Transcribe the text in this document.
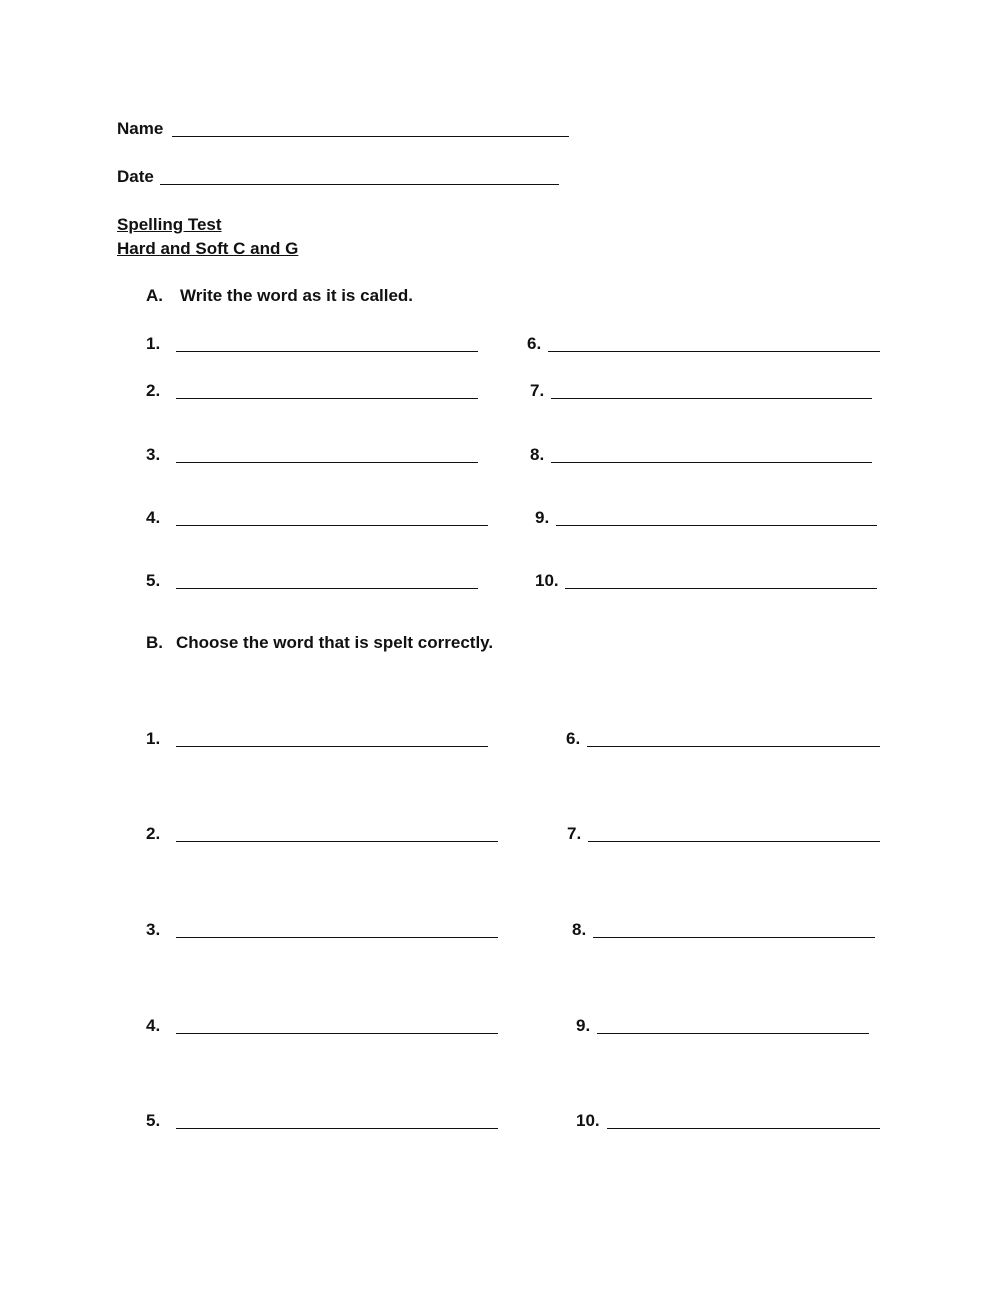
Name
Date
Spelling Test
Hard and Soft C and G
A. Write the word as it is called.
1.
2.
3.
4.
5.
6.
7.
8.
9.
10.
B. Choose the word that is spelt correctly.
1.
2.
3.
4.
5.
6.
7.
8.
9.
10.
